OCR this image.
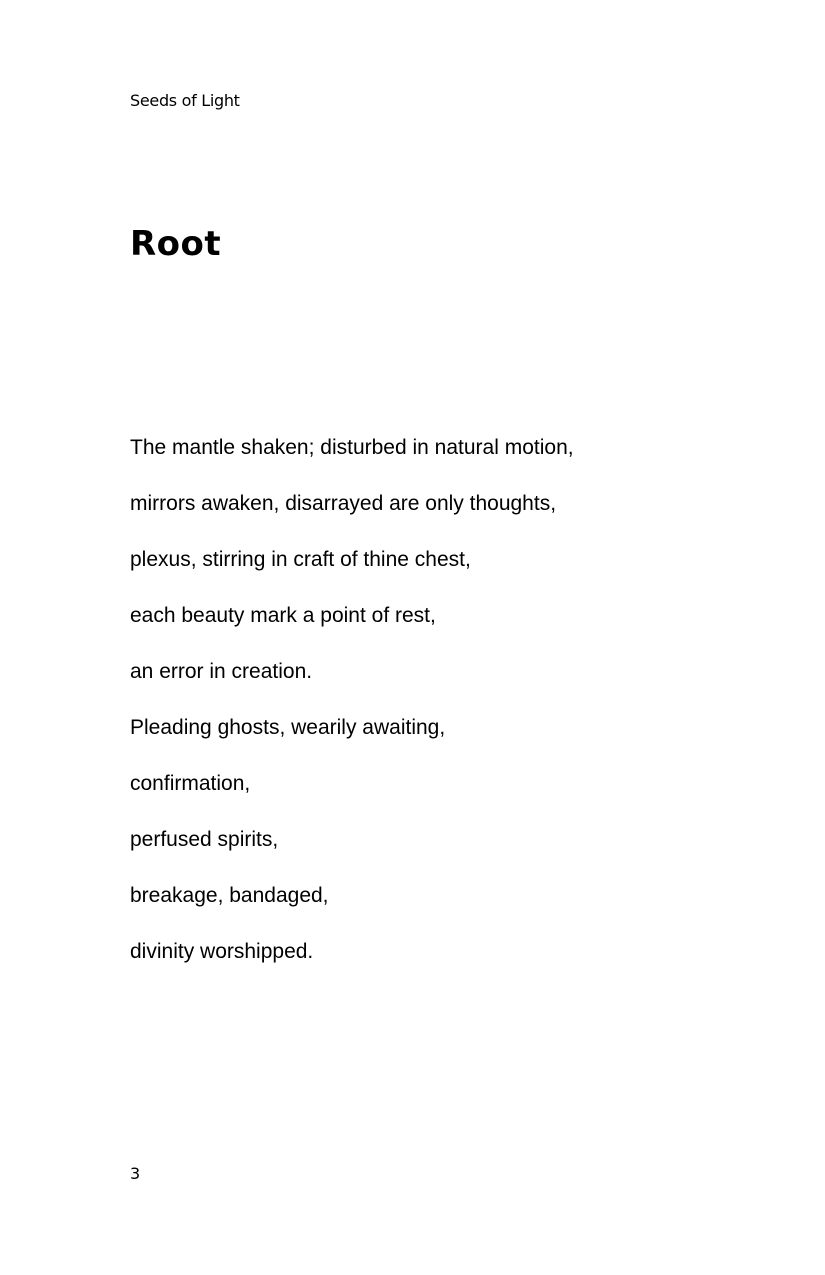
Seeds of Light
Root
The mantle shaken; disturbed in natural motion,
mirrors awaken, disarrayed are only thoughts,
plexus, stirring in craft of thine chest,
each beauty mark a point of rest,
an error in creation.
Pleading ghosts, wearily awaiting,
confirmation,
perfused spirits,
breakage, bandaged,
divinity worshipped.
3
